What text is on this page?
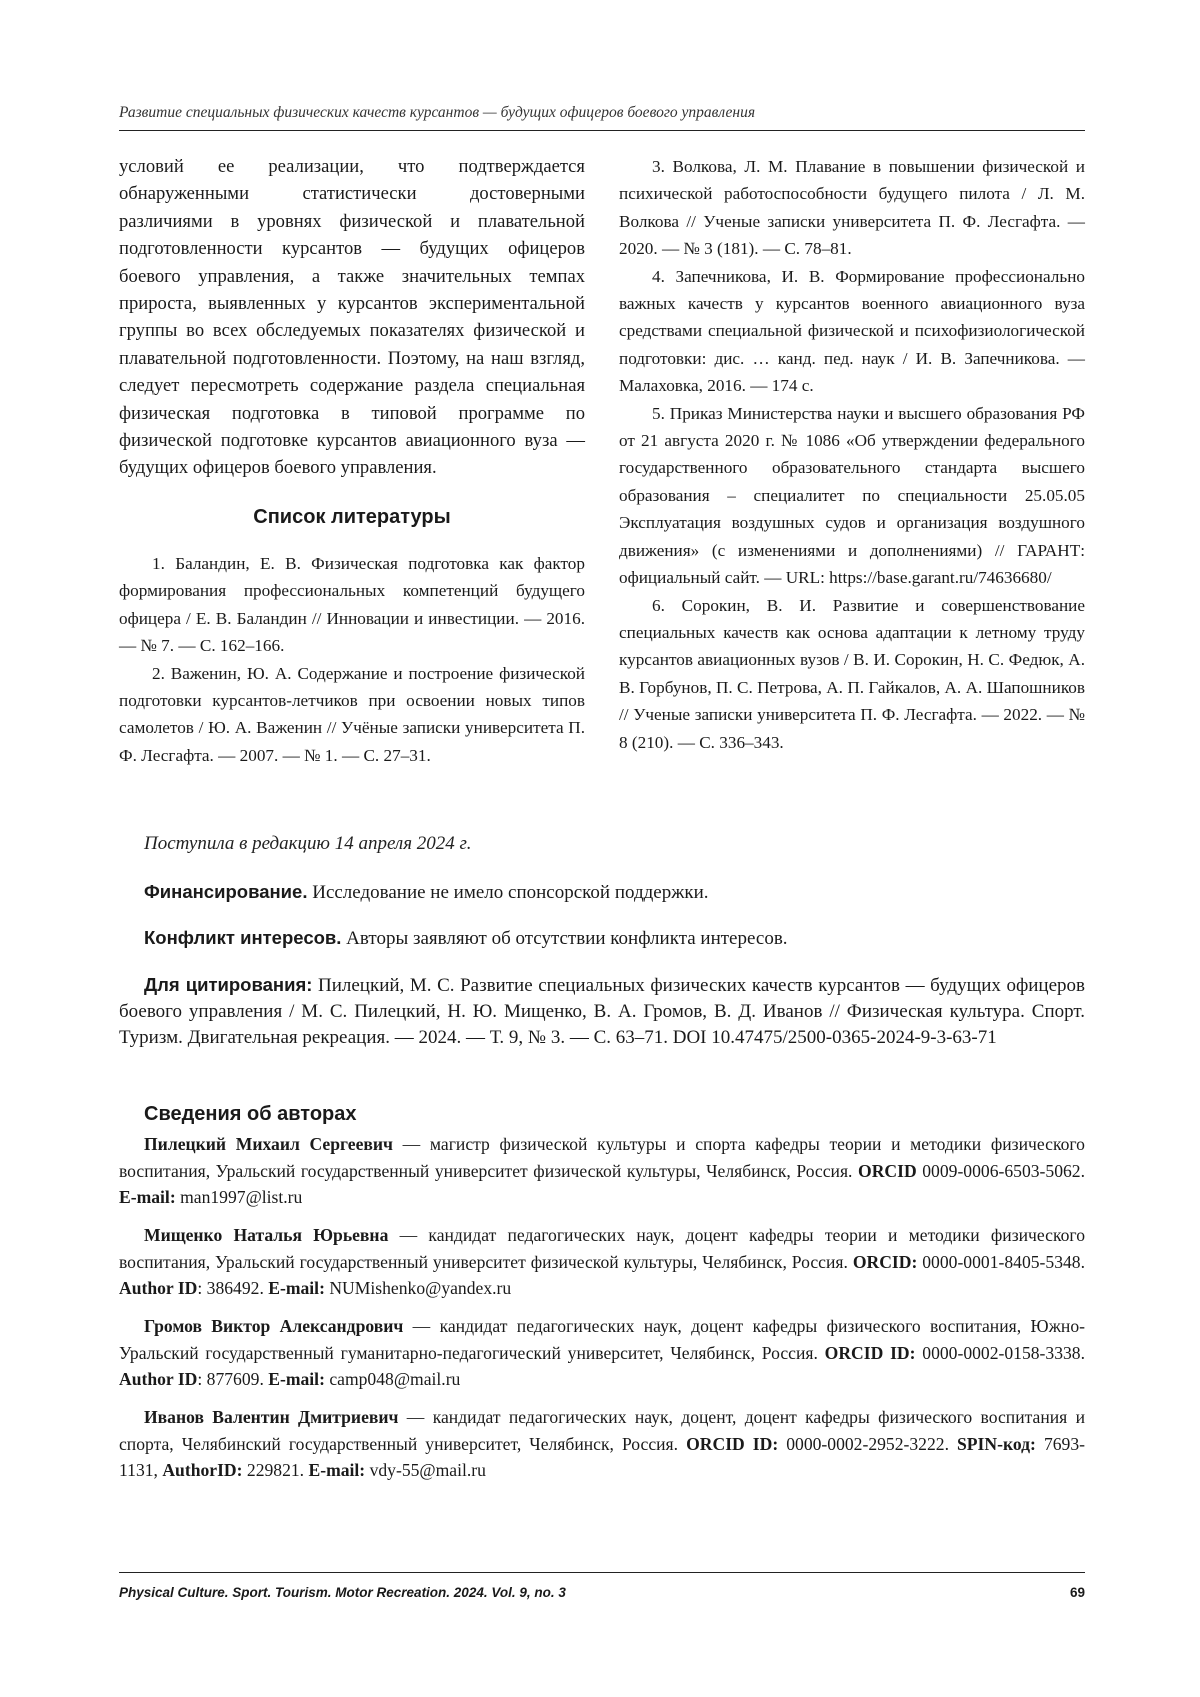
Развитие специальных физических качеств курсантов — будущих офицеров боевого управления

условий ее реализации, что подтверждается обнаруженными статистически достоверными различиями в уровнях физической и плавательной подготовленности курсантов — будущих офицеров боевого управления, а также значительных темпах прироста, выявленных у курсантов экспериментальной группы во всех обследуемых показателях физической и плавательной подготовленности. Поэтому, на наш взгляд, следует пересмотреть содержание раздела специальная физическая подготовка в типовой программе по физической подготовке курсантов авиационного вуза — будущих офицеров боевого управления.

Список литературы

1. Баландин, Е. В. Физическая подготовка как фактор формирования профессиональных компетенций будущего офицера / Е. В. Баландин // Инновации и инвестиции. — 2016. — № 7. — С. 162–166.

2. Важенин, Ю. А. Содержание и построение физической подготовки курсантов-летчиков при освоении новых типов самолетов / Ю. А. Важенин // Учёные записки университета П. Ф. Лесгафта. — 2007. — № 1. — С. 27–31.

3. Волкова, Л. М. Плавание в повышении физической и психической работоспособности будущего пилота / Л. М. Волкова // Ученые записки университета П. Ф. Лесгафта. — 2020. — № 3 (181). — С. 78–81.

4. Запечникова, И. В. Формирование профессионально важных качеств у курсантов военного авиационного вуза средствами специальной физической и психофизиологической подготовки: дис. … канд. пед. наук / И. В. Запечникова. — Малаховка, 2016. — 174 с.

5. Приказ Министерства науки и высшего образования РФ от 21 августа 2020 г. № 1086 «Об утверждении федерального государственного образовательного стандарта высшего образования – специалитет по специальности 25.05.05 Эксплуатация воздушных судов и организация воздушного движения» (с изменениями и дополнениями) // ГАРАНТ: официальный сайт. — URL: https://base.garant.ru/74636680/

6. Сорокин, В. И. Развитие и совершенствование специальных качеств как основа адаптации к летному труду курсантов авиационных вузов / В. И. Сорокин, Н. С. Федюк, А. В. Горбунов, П. С. Петрова, А. П. Гайкалов, А. А. Шапошников // Ученые записки университета П. Ф. Лесгафта. — 2022. — № 8 (210). — С. 336–343.

Поступила в редакцию 14 апреля 2024 г.
Финансирование. Исследование не имело спонсорской поддержки.
Конфликт интересов. Авторы заявляют об отсутствии конфликта интересов.
Для цитирования: Пилецкий, М. С. Развитие специальных физических качеств курсантов — будущих офицеров боевого управления / М. С. Пилецкий, Н. Ю. Мищенко, В. А. Громов, В. Д. Иванов // Физическая культура. Спорт. Туризм. Двигательная рекреация. — 2024. — Т. 9, № 3. — С. 63–71. DOI 10.47475/2500-0365-2024-9-3-63-71
Сведения об авторах
Пилецкий Михаил Сергеевич — магистр физической культуры и спорта кафедры теории и методики физического воспитания, Уральский государственный университет физической культуры, Челябинск, Россия. ORCID 0009-0006-6503-5062. E-mail: man1997@list.ru
Мищенко Наталья Юрьевна — кандидат педагогических наук, доцент кафедры теории и методики физического воспитания, Уральский государственный университет физической культуры, Челябинск, Россия. ORCID: 0000-0001-8405-5348. Author ID: 386492. E-mail: NUMishenko@yandex.ru
Громов Виктор Александрович — кандидат педагогических наук, доцент кафедры физического воспитания, Южно-Уральский государственный гуманитарно-педагогический университет, Челябинск, Россия. ORCID ID: 0000-0002-0158-3338. Author ID: 877609. E-mail: camp048@mail.ru
Иванов Валентин Дмитриевич — кандидат педагогических наук, доцент, доцент кафедры физического воспитания и спорта, Челябинский государственный университет, Челябинск, Россия. ORCID ID: 0000-0002-2952-3222. SPIN-код: 7693-1131, AuthorID: 229821. E-mail: vdy-55@mail.ru
Physical Culture. Sport. Tourism. Motor Recreation. 2024. Vol. 9, no. 3	69
